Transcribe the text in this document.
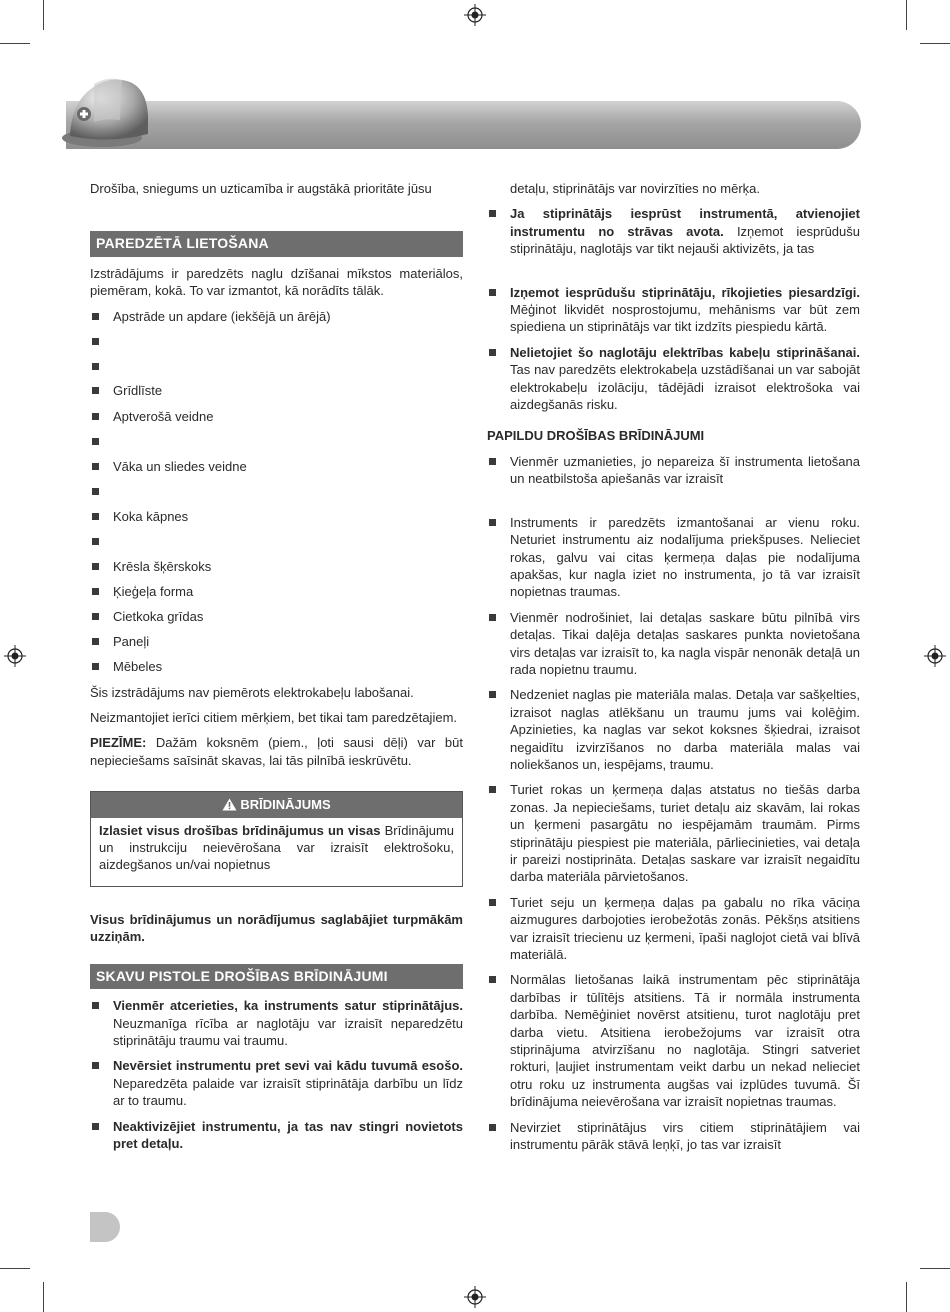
Drošība, sniegums un uzticamība ir augstākā prioritāte jūsu

PAREDZĒTĀ LIETOŠANA

Izstrādājums ir paredzēts naglu dzīšanai mīkstos materiālos, piemēram, kokā. To var izmantot, kā norādīts tālāk.

Apstrāde un apdare (iekšējā un ārējā)
Grīdlīste
Aptverošā veidne
Vāka un sliedes veidne
Koka kāpnes
Krēsla šķērskoks
Ķieģeļa forma
Cietkoka grīdas
Paneļi
Mēbeles

Šis izstrādājums nav piemērots elektrokabeļu labošanai.

Neizmantojiet ierīci citiem mērķiem, bet tikai tam paredzētajiem.

PIEZĪME: Dažām koksnēm (piem., ļoti sausi dēļi) var būt nepieciešams saīsināt skavas, lai tās pilnībā ieskrūvētu.

BRĪDINĀJUMS
Izlasiet visus drošības brīdinājumus un visas Brīdinājumu un instrukciju neievērošana var izraisīt elektrošoku, aizdegšanos un/vai nopietnus

Visus brīdinājumus un norādījumus saglabājiet turpmākām uzziņām.

SKAVU PISTOLE DROŠĪBAS BRĪDINĀJUMI
Vienmēr atcerieties, ka instruments satur stiprinātājus. Neuzmanīga rīcība ar naglotāju var izraisīt neparedzētu stiprinātāju traumu vai traumu.
Nevērsiet instrumentu pret sevi vai kādu tuvumā esošo. Neparedzēta palaide var izraisīt stiprinātāja darbību un līdz ar to traumu.
Neaktivizējiet instrumentu, ja tas nav stingri novietots pret detaļu.

detaļu, stiprinātājs var novirzīties no mērķa.

Ja stiprinātājs iesprūst instrumentā, atvienojiet instrumentu no strāvas avota. Izņemot iesprūdušu stiprinātāju, naglotājs var tikt nejauši aktivizēts, ja tas
Izņemot iesprūdušu stiprinātāju, rīkojieties piesardzīgi. Mēģinot likvidēt nosprostojumu, mehānisms var būt zem spiediena un stiprinātājs var tikt izdzīts piespiedu kārtā.
Nelietojiet šo naglotāju elektrības kabeļu stiprināšanai. Tas nav paredzēts elektrokabeļa uzstādīšanai un var sabojāt elektrokabeļu izolāciju, tādējādi izraisot elektrošoka vai aizdegšanās risku.
PAPILDU DROŠĪBAS BRĪDINĀJUMI
Vienmēr uzmanieties, jo nepareiza šī instrumenta lietošana un neatbilstoša apiešanās var izraisīt
Instruments ir paredzēts izmantošanai ar vienu roku. Neturiet instrumentu aiz nodalījuma priekšpuses. Nelieciet rokas, galvu vai citas ķermeņa daļas pie nodalījuma apakšas, kur nagla iziet no instrumenta, jo tā var izraisīt nopietnas traumas.
Vienmēr nodrošiniet, lai detaļas saskare būtu pilnībā virs detaļas. Tikai daļēja detaļas saskares punkta novietošana virs detaļas var izraisīt to, ka nagla vispār nenonāk detaļā un rada nopietnu traumu.
Nedzeniet naglas pie materiāla malas. Detaļa var sašķelties, izraisot naglas atlēkšanu un traumu jums vai kolēģim. Apzinieties, ka naglas var sekot koksnes šķiedrai, izraisot negaidītu izvirzīšanos no darba materiāla malas vai noliekšanos un, iespējams, traumu.
Turiet rokas un ķermeņa daļas atstatus no tiešās darba zonas. Ja nepieciešams, turiet detaļu aiz skavām, lai rokas un ķermeni pasargātu no iespējamām traumām. Pirms stiprinātāju piespiest pie materiāla, pārliecinieties, vai detaļa ir pareizi nostiprināta. Detaļas saskare var izraisīt negaidītu darba materiāla pārvietošanos.
Turiet seju un ķermeņa daļas pa gabalu no rīka vāciņa aizmugures darbojoties ierobežotās zonās. Pēkšņs atsitiens var izraisīt triecienu uz ķermeni, īpaši naglojot cietā vai blīvā materiālā.
Normālas lietošanas laikā instrumentam pēc stiprinātāja darbības ir tūlītējs atsitiens. Tā ir normāla instrumenta darbība. Nemēģiniet novērst atsitienu, turot naglotāju pret darba vietu. Atsitiena ierobežojums var izraisīt otra stiprinājuma atvirzīšanu no naglotāja. Stingri satveriet rokturi, ļaujiet instrumentam veikt darbu un nekad nelieciet otru roku uz instrumenta augšas vai izplūdes tuvumā. Šī brīdinājuma neievērošana var izraisīt nopietnas traumas.
Nevirziet stiprinātājus virs citiem stiprinātājiem vai instrumentu pārāk stāvā leņķī, jo tas var izraisīt
